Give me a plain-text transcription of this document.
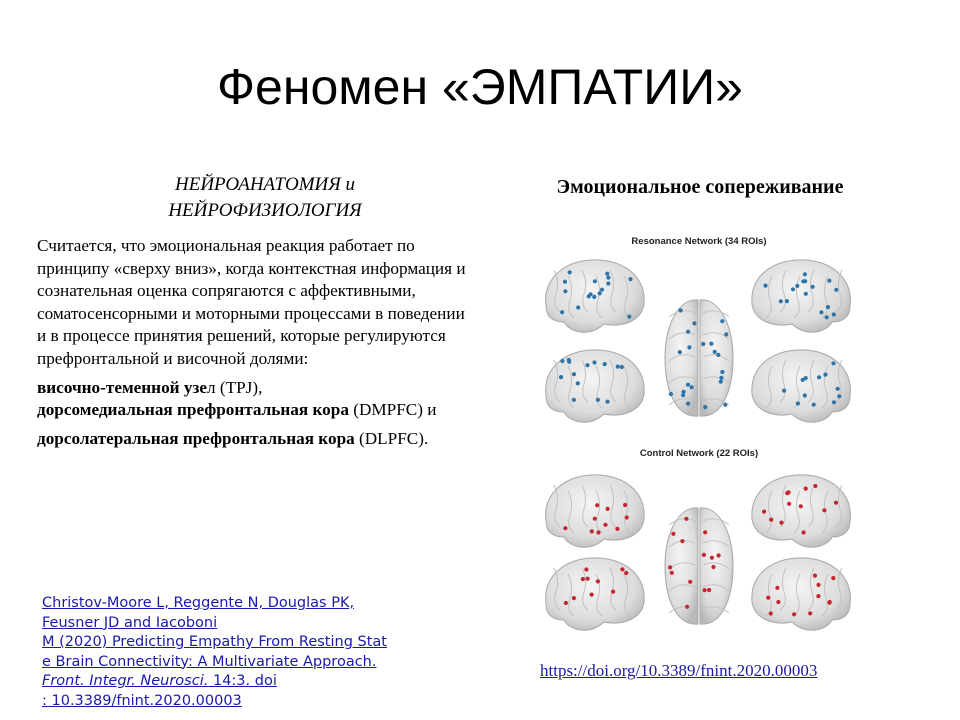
Феномен «ЭМПАТИИ»
НЕЙРОАНАТОМИЯ и
НЕЙРОФИЗИОЛОГИЯ

Считается, что эмоциональная реакция работает по принципу «сверху вниз», когда контекстная информация и сознательная оценка сопрягаются с аффективными, соматосенсорными и моторными процессами в поведении и в процессе принятия решений, которые регулируются префронтальной и височной долями:

височно-теменной узел (TPJ),

дорсомедиальная префронтальная кора (DMPFC) и

дорсолатеральная префронтальная кора (DLPFC).

Эмоциональное сопереживание
Resonance Network (34 ROIs)
Control Network (22 ROIs)
Christov-Moore L, Reggente N, Douglas PK,
Feusner JD and Iacoboni
M (2020) Predicting Empathy From Resting Stat
e Brain Connectivity: A Multivariate Approach.
Front. Integr. Neurosci. 14:3. doi
: 10.3389/fnint.2020.00003
https://doi.org/10.3389/fnint.2020.00003
